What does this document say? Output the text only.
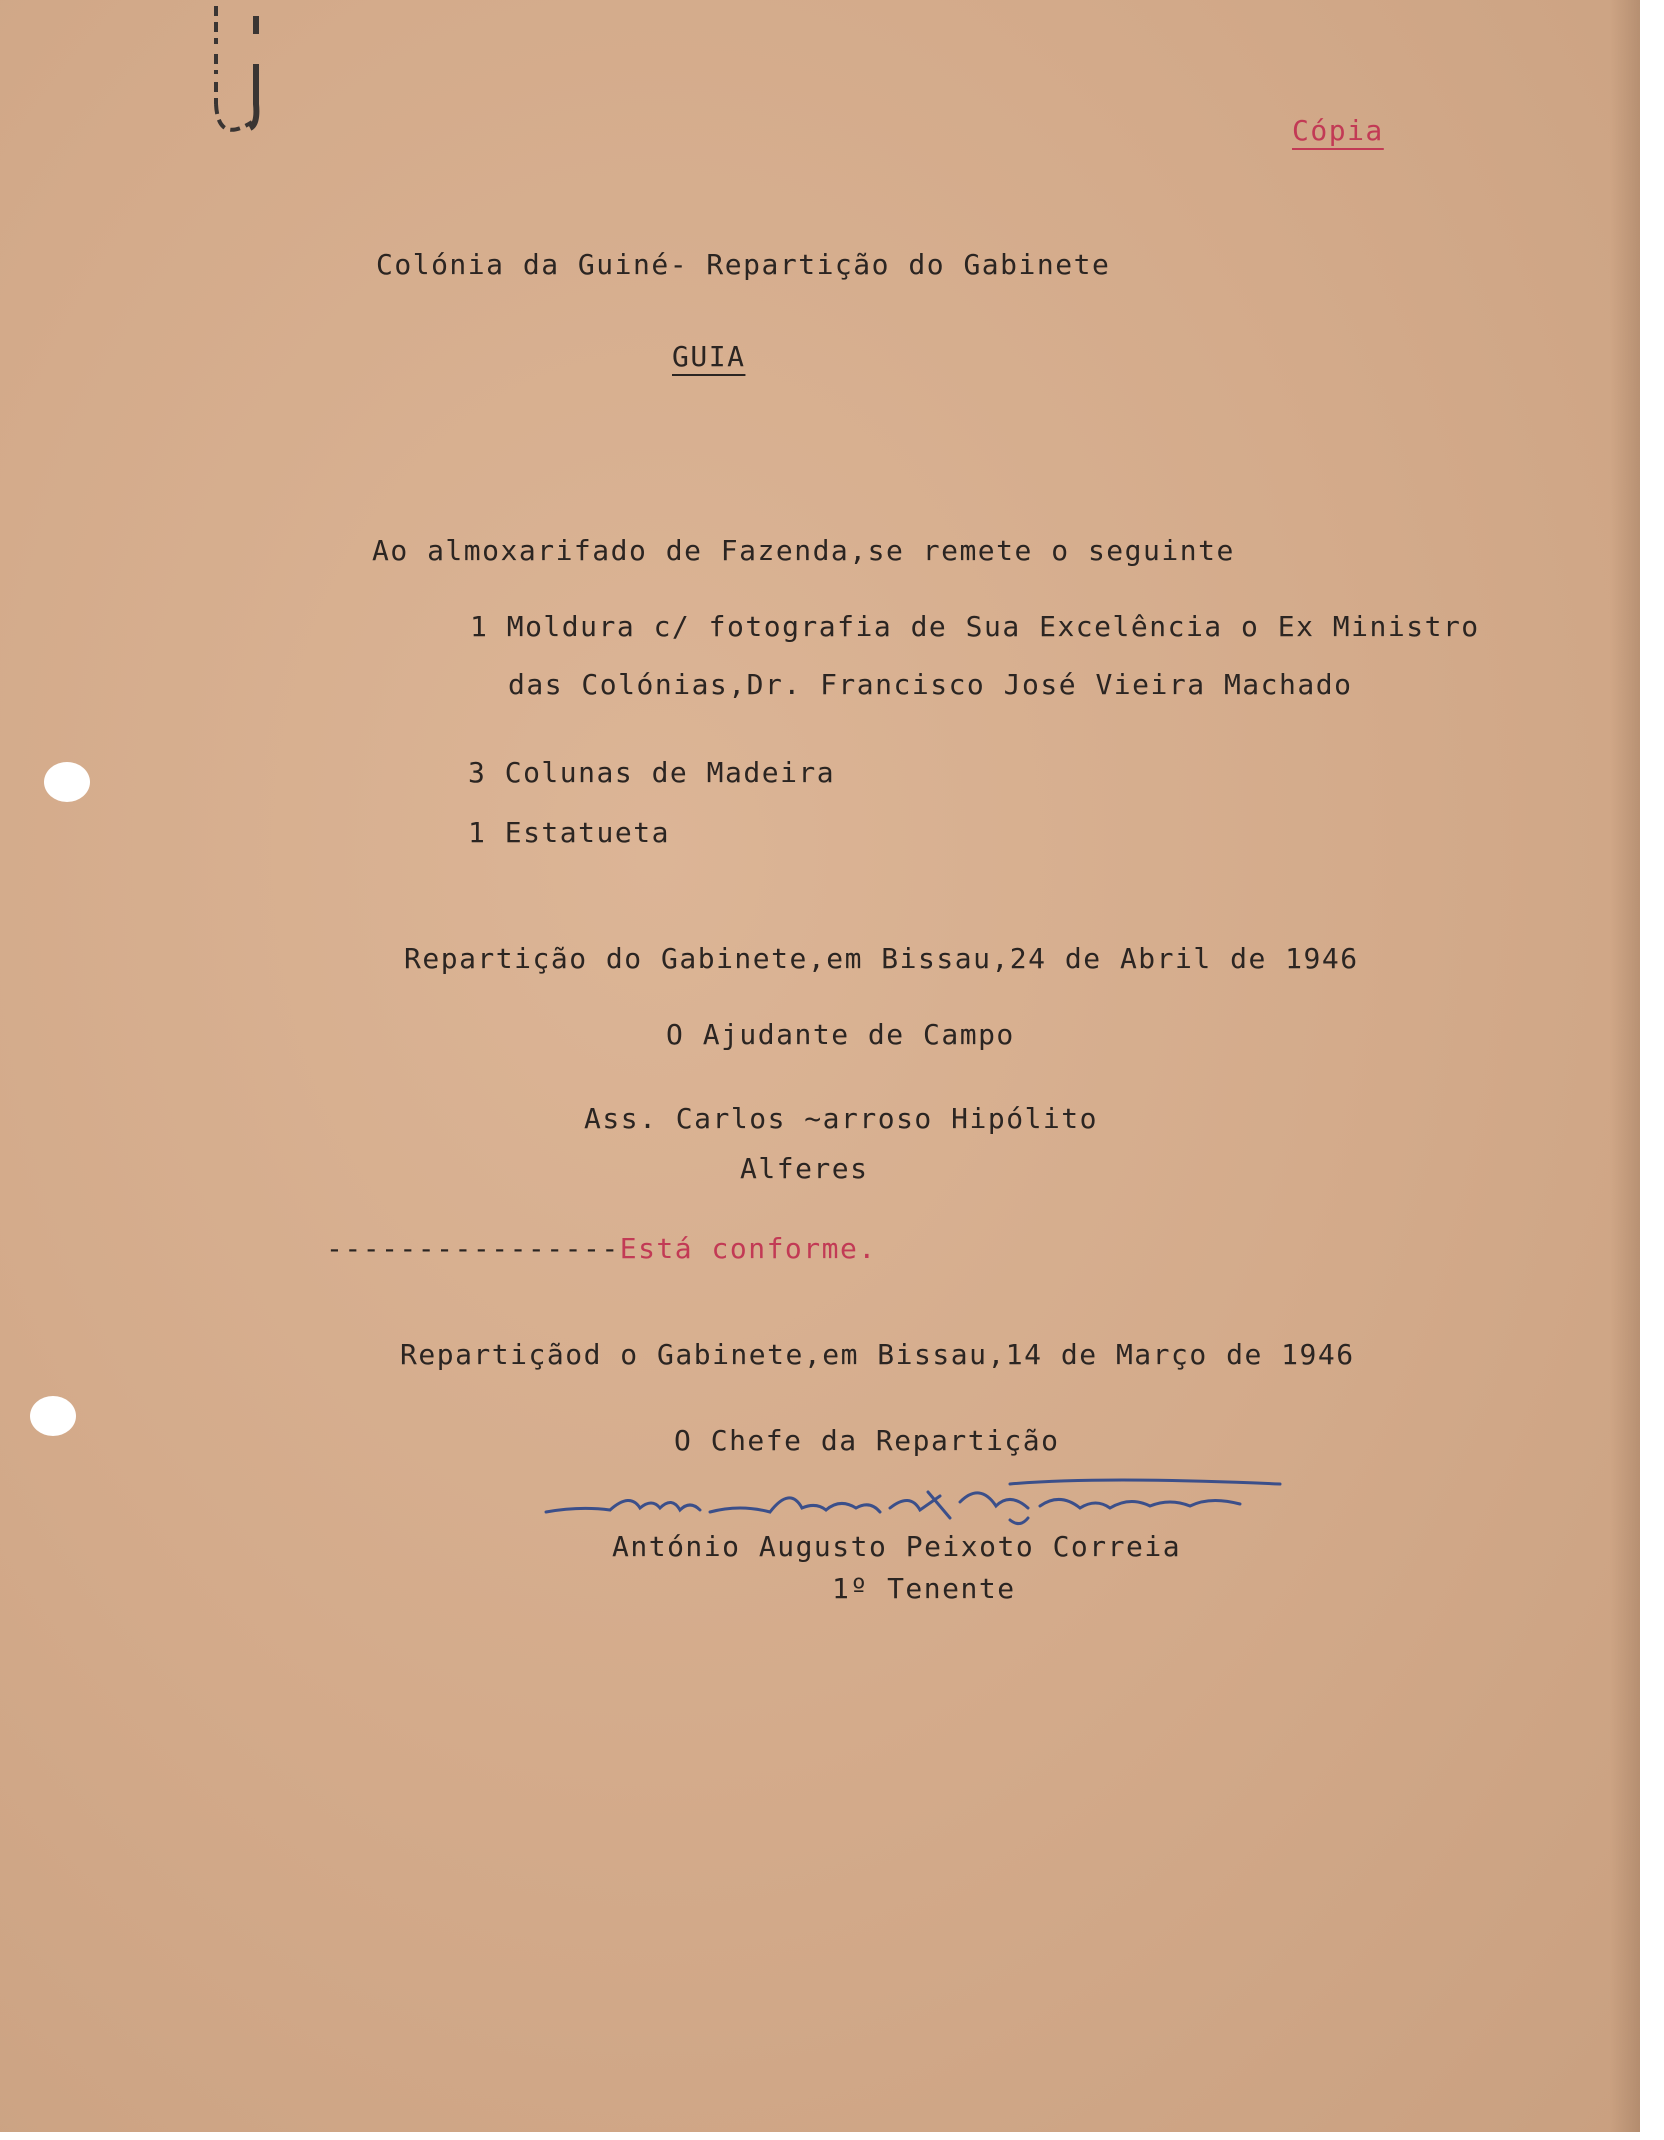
Cópia
Colónia da Guiné- Repartição do Gabinete
GUIA
Ao almoxarifado de Fazenda,se remete o seguinte
1 Moldura c/ fotografia de Sua Excelência o Ex Ministro
das Colónias,Dr. Francisco José Vieira Machado
3 Colunas de Madeira
1 Estatueta
Repartição do Gabinete,em Bissau,24 de Abril de 1946
O Ajudante de Campo
Ass. Carlos ~arroso Hipólito
Alferes
----------------Está conforme.
Repartiçãod o Gabinete,em Bissau,14 de Março de 1946
O Chefe da Repartição
António Augusto Peixoto Correia
1º Tenente
